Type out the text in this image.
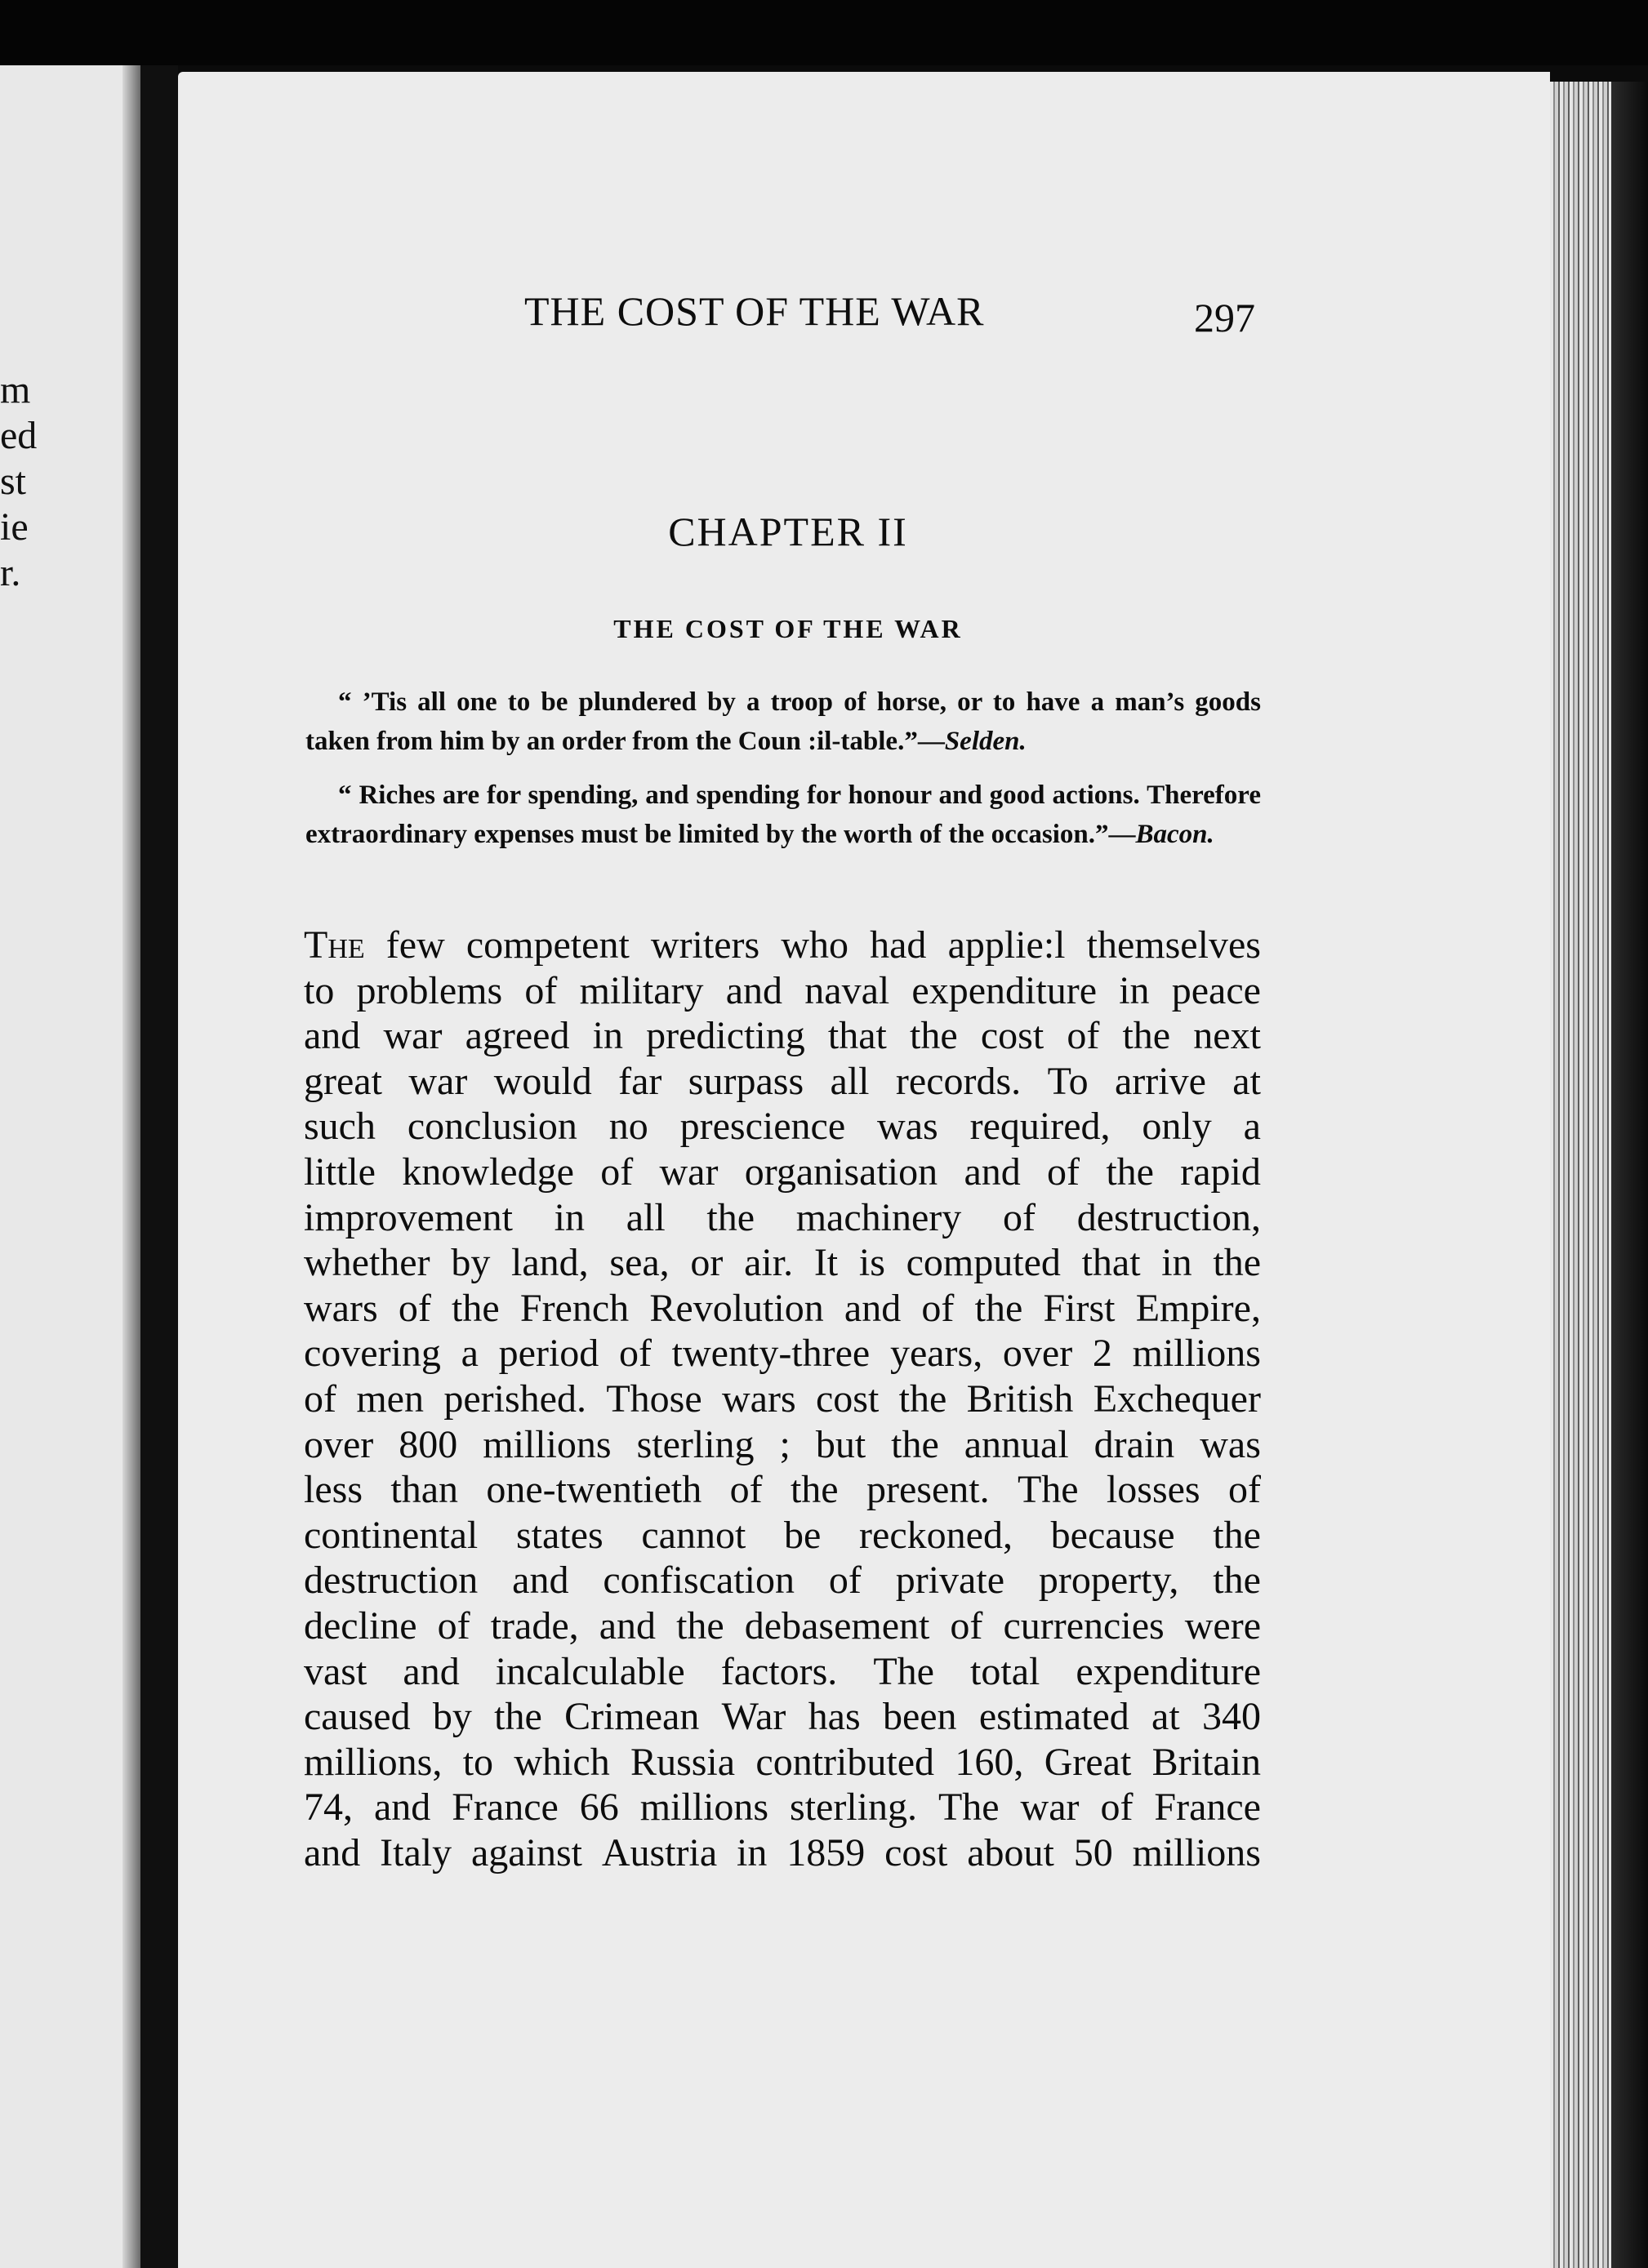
m
ed
st
ie
r.
THE COST OF THE WAR	297
CHAPTER II
THE COST OF THE WAR
“ ’Tis all one to be plundered by a troop of horse, or to have a man’s goods taken from him by an order from the Coun :il-table.”—Selden.
“ Riches are for spending, and spending for honour and good actions. Therefore extraordinary expenses must be limited by the worth of the occasion.”—Bacon.
The few competent writers who had applie:l themselves
to problems of military and naval expenditure in peace
and war agreed in predicting that the cost of the next
great war would far surpass all records. To arrive at
such conclusion no prescience was required, only a
little knowledge of war organisation and of the rapid
improvement in all the machinery of destruction,
whether by land, sea, or air. It is computed that in the
wars of the French Revolution and of the First Empire,
covering a period of twenty-three years, over 2 millions
of men perished. Those wars cost the British Exchequer
over 800 millions sterling ; but the annual drain was
less than one-twentieth of the present. The losses of
continental states cannot be reckoned, because the
destruction and confiscation of private property, the
decline of trade, and the debasement of currencies were
vast and incalculable factors. The total expenditure
caused by the Crimean War has been estimated at 340
millions, to which Russia contributed 160, Great Britain
74, and France 66 millions sterling. The war of France
and Italy against Austria in 1859 cost about 50 millions
